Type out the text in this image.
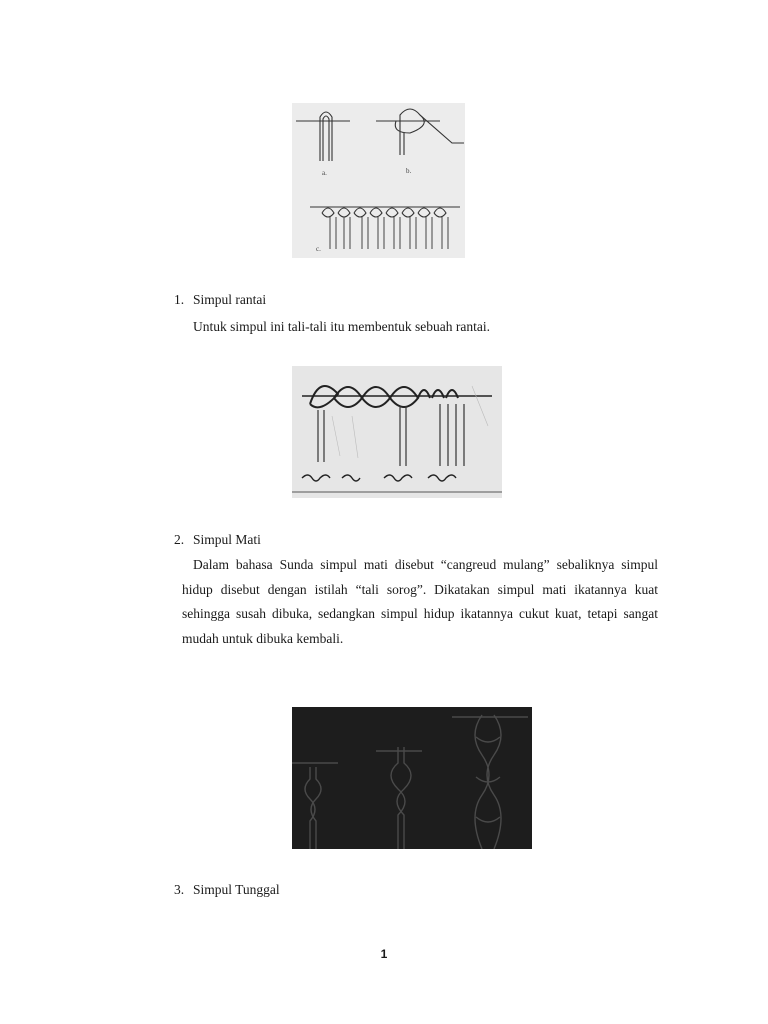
a.	b.
c.
1. Simpul rantai
Untuk simpul ini tali-tali itu membentuk sebuah rantai.
2. Simpul Mati
Dalam bahasa Sunda simpul mati disebut “cangreud mulang” sebaliknya simpul hidup disebut dengan istilah “tali sorog”. Dikatakan simpul mati ikatannya kuat sehingga susah dibuka, sedangkan simpul hidup ikatannya cukut kuat, tetapi sangat mudah untuk dibuka kembali.
3. Simpul Tunggal
1
